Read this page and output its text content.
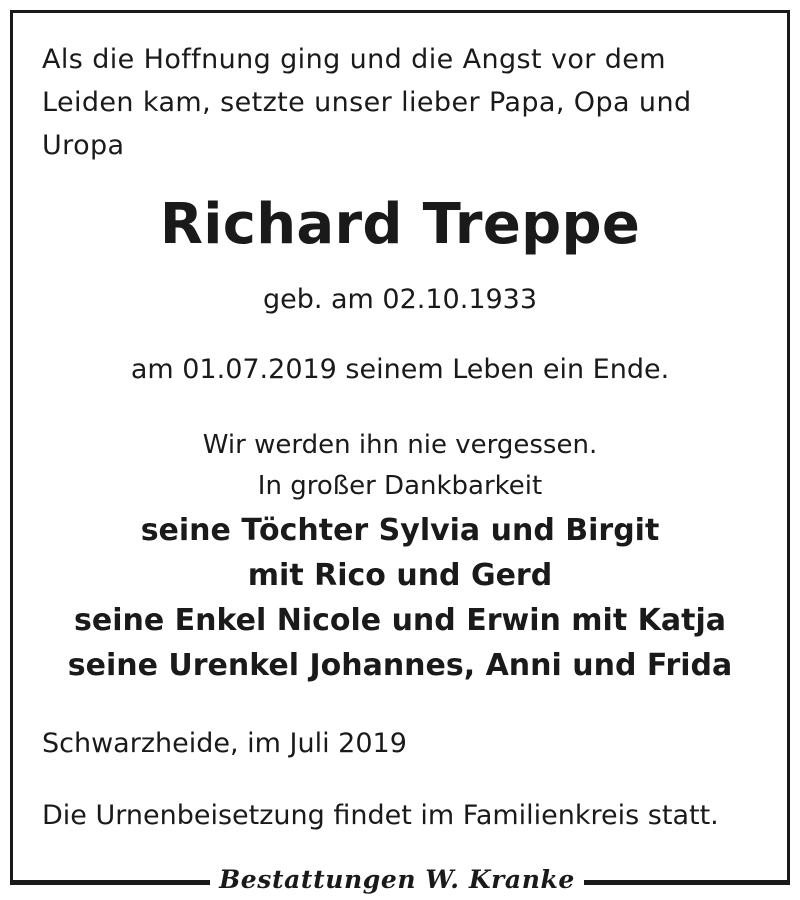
Als die Hoffnung ging und die Angst vor dem
Leiden kam, setzte unser lieber Papa, Opa und
Uropa
Richard Treppe
geb. am 02.10.1933
am 01.07.2019 seinem Leben ein Ende.
Wir werden ihn nie vergessen.
In großer Dankbarkeit
seine Töchter Sylvia und Birgit
mit Rico und Gerd
seine Enkel Nicole und Erwin mit Katja
seine Urenkel Johannes, Anni und Frida
Schwarzheide, im Juli 2019
Die Urnenbeisetzung findet im Familienkreis statt.
Bestattungen W. Kranke
